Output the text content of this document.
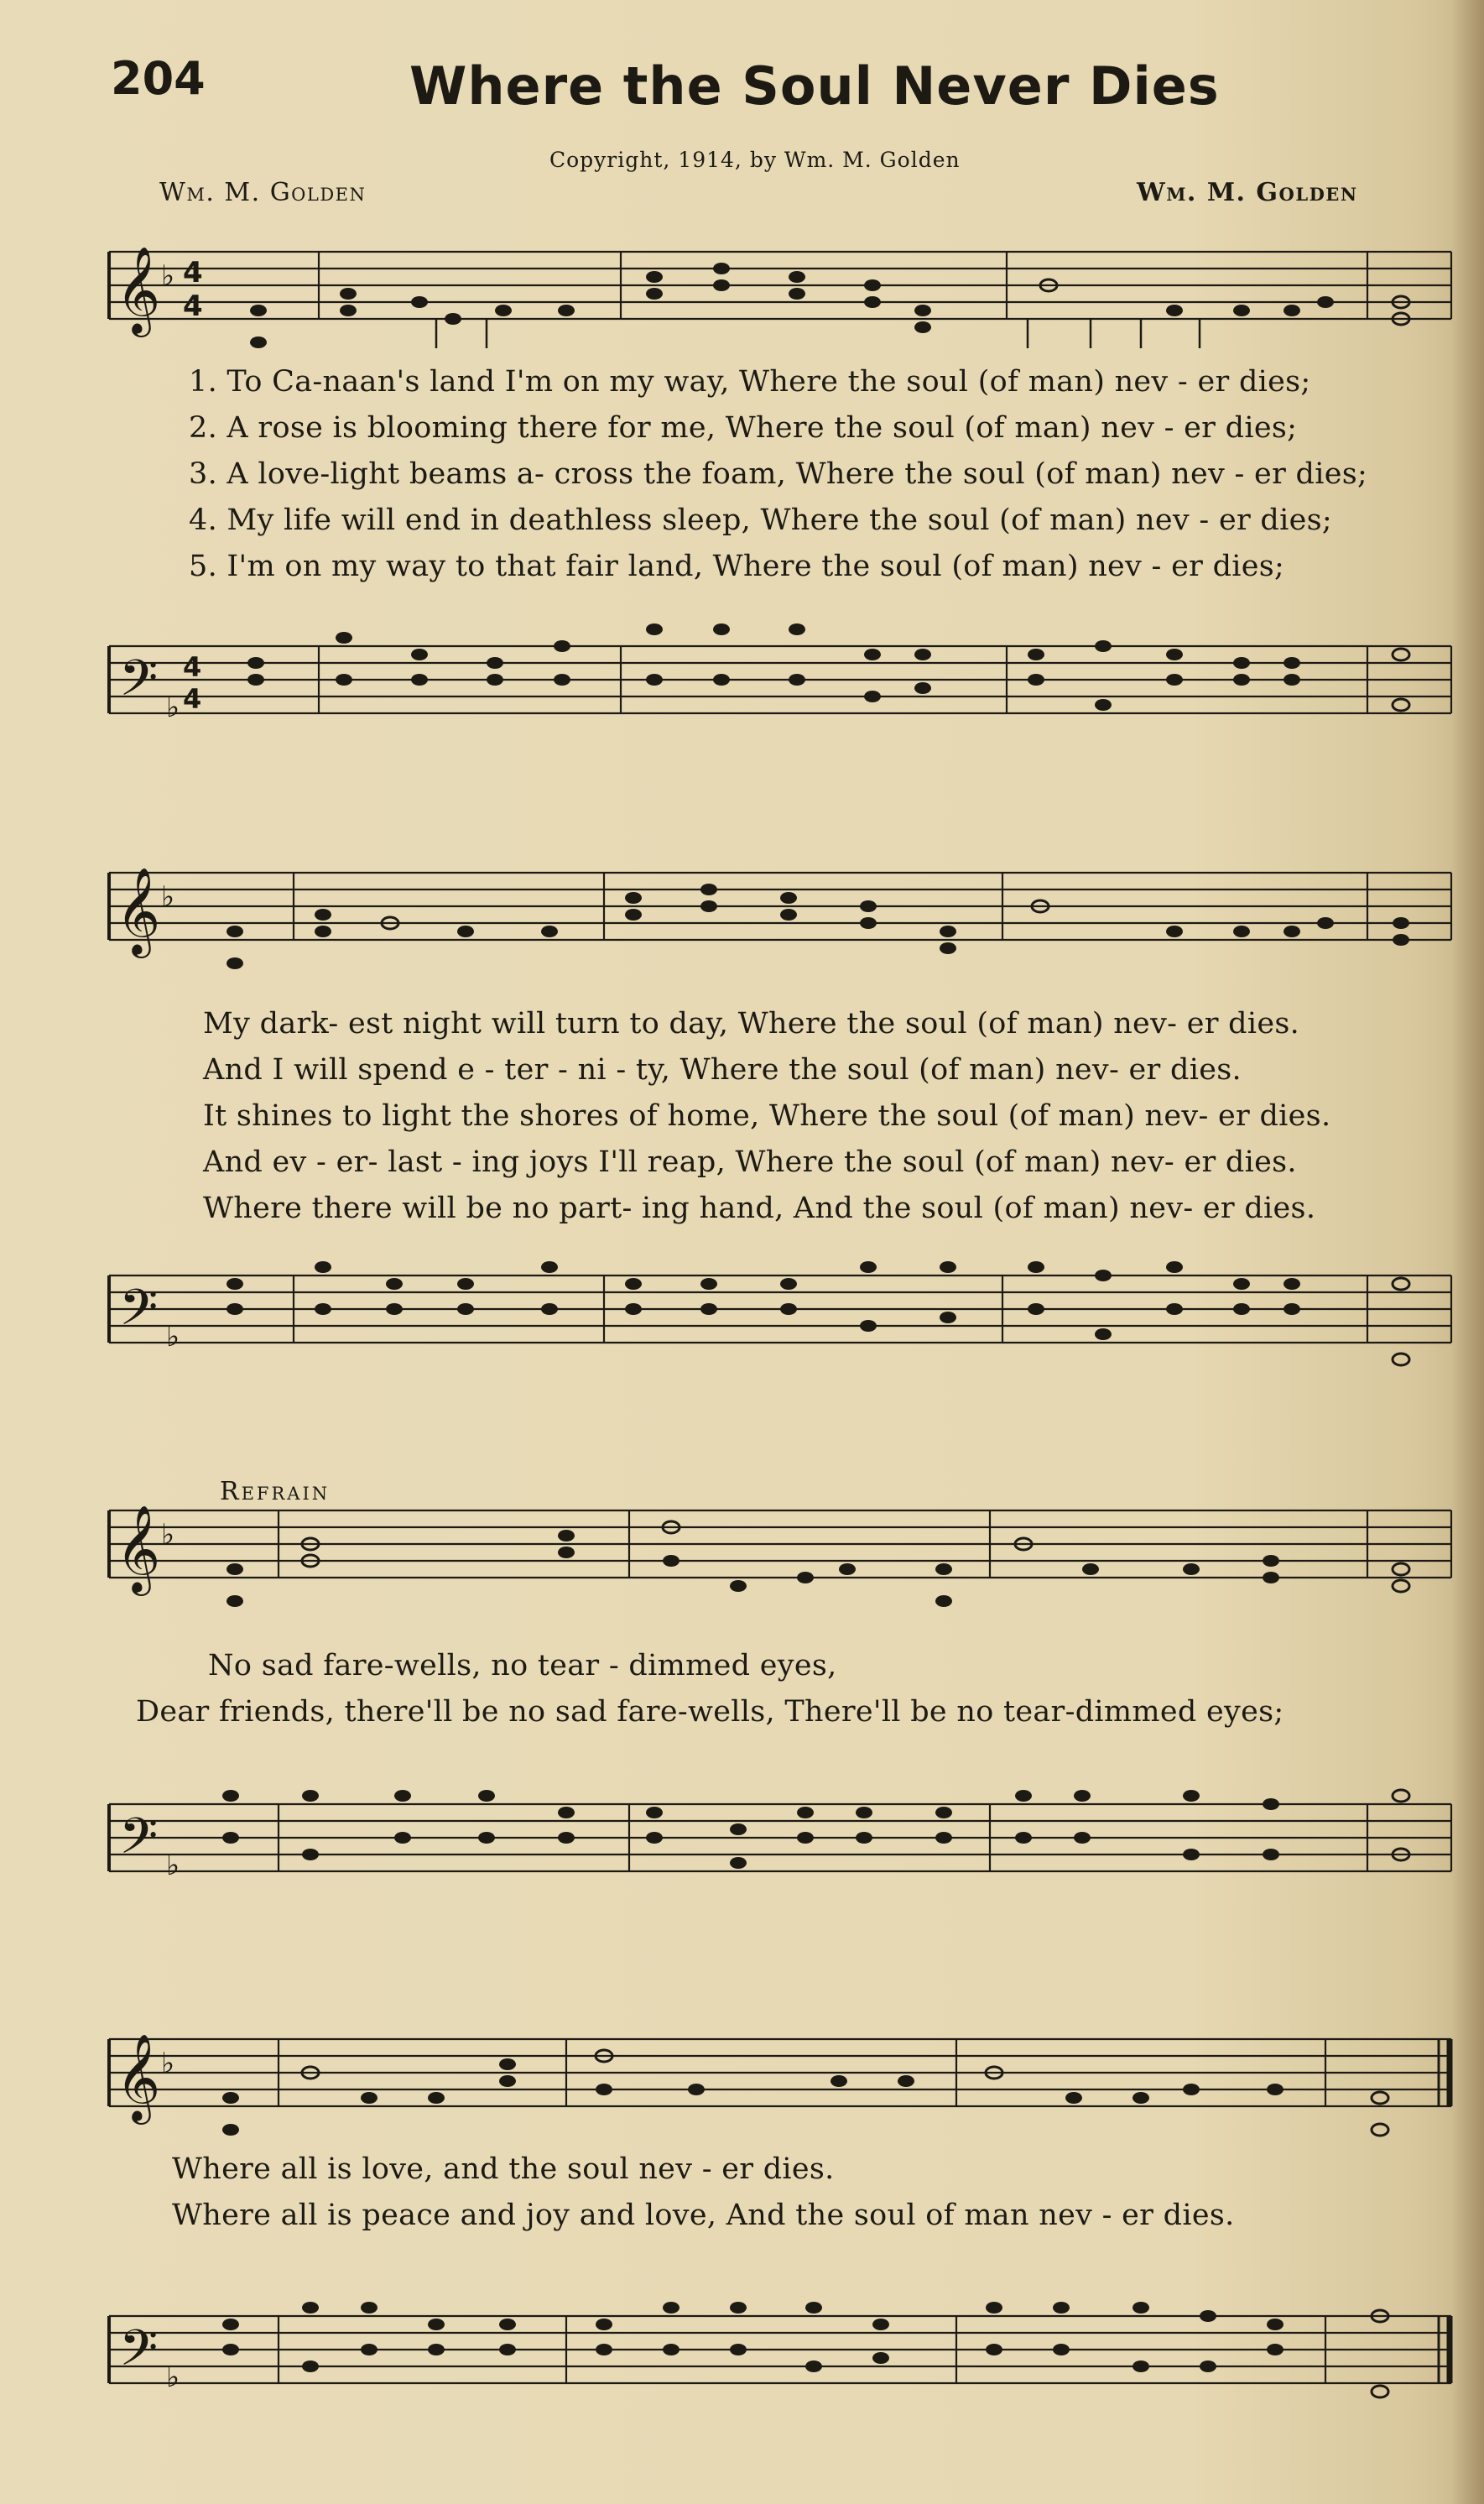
204	Where the Soul Never Dies
Copyright, 1914, by Wm. M. Golden
Wm. M. Golden	Wm. M. Golden
𝄞 ♭ 4
4
1. To Ca-naan's land I'm on my way, Where the soul (of man) nev - er dies;
2. A rose is blooming there for me, Where the soul (of man) nev - er dies;
3. A love-light beams a- cross the foam, Where the soul (of man) nev - er dies;
4. My life will end in deathless sleep, Where the soul (of man) nev - er dies;
5. I'm on my way to that fair land, Where the soul (of man) nev - er dies;
𝄢 ♭
4
4
𝄞 ♭
My dark- est night will turn to day, Where the soul (of man) nev- er dies.
And I will spend e - ter - ni - ty, Where the soul (of man) nev- er dies.
It shines to light the shores of home, Where the soul (of man) nev- er dies.
And ev - er- last - ing joys I'll reap, Where the soul (of man) nev- er dies.
Where there will be no part- ing hand, And the soul (of man) nev- er dies.
𝄢 ♭
Refrain
𝄞 ♭
No sad fare-wells, no tear - dimmed eyes,
Dear friends, there'll be no sad fare-wells, There'll be no tear-dimmed eyes;
𝄢 ♭
𝄞 ♭
Where all is love, and the soul nev - er dies.
Where all is peace and joy and love, And the soul of man nev - er dies.
𝄢 ♭
